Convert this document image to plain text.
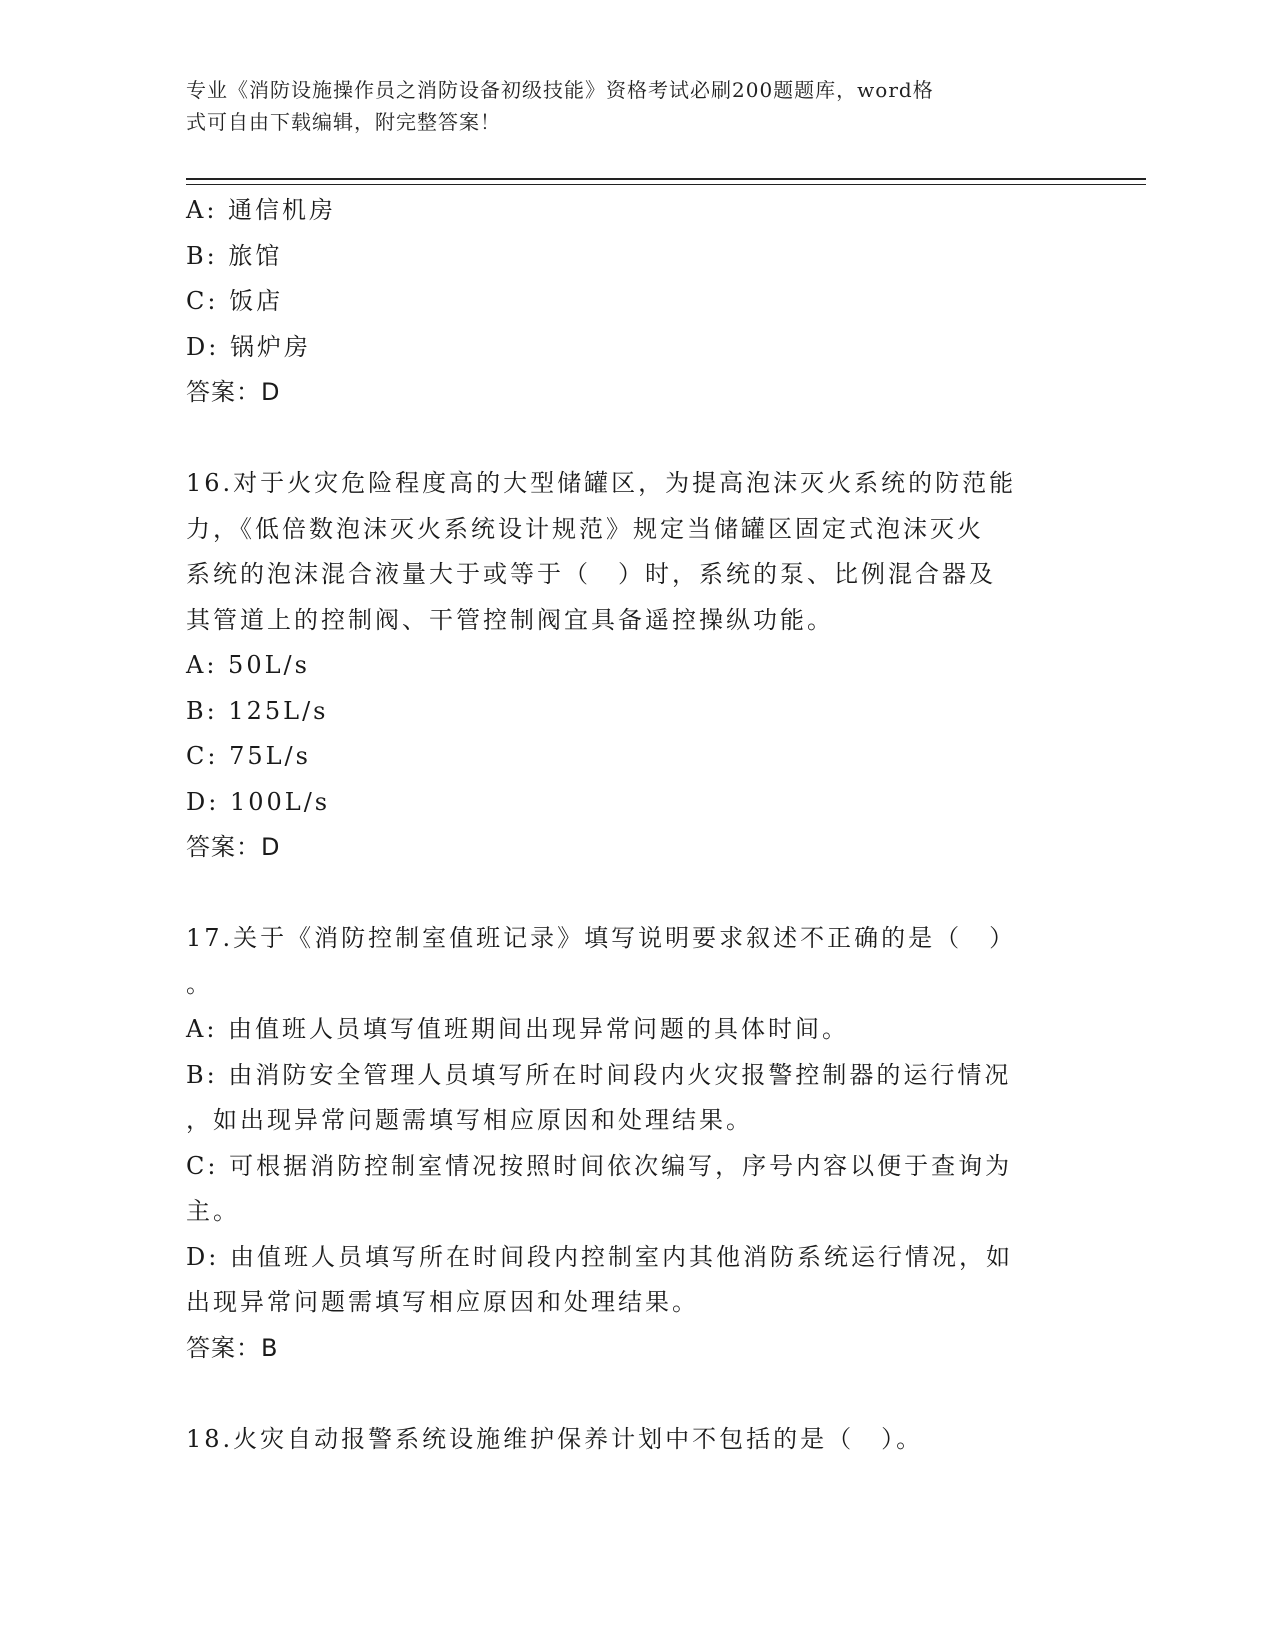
专业《消防设施操作员之消防设备初级技能》资格考试必刷200题题库，word格
式可自由下载编辑，附完整答案！

A: 通信机房

B: 旅馆

C: 饭店

D: 锅炉房

答案：D

16.对于火灾危险程度高的大型储罐区，为提高泡沫灭火系统的防范能

力，《低倍数泡沫灭火系统设计规范》规定当储罐区固定式泡沫灭火

系统的泡沫混合液量大于或等于（　）时，系统的泵、比例混合器及

其管道上的控制阀、干管控制阀宜具备遥控操纵功能。

A: 50L/s

B: 125L/s

C: 75L/s

D: 100L/s

答案：D

17.关于《消防控制室值班记录》填写说明要求叙述不正确的是（　）

。

A: 由值班人员填写值班期间出现异常问题的具体时间。

B: 由消防安全管理人员填写所在时间段内火灾报警控制器的运行情况

，如出现异常问题需填写相应原因和处理结果。

C: 可根据消防控制室情况按照时间依次编写，序号内容以便于查询为

主。

D: 由值班人员填写所在时间段内控制室内其他消防系统运行情况，如

出现异常问题需填写相应原因和处理结果。

答案：B

18.火灾自动报警系统设施维护保养计划中不包括的是（　）。
